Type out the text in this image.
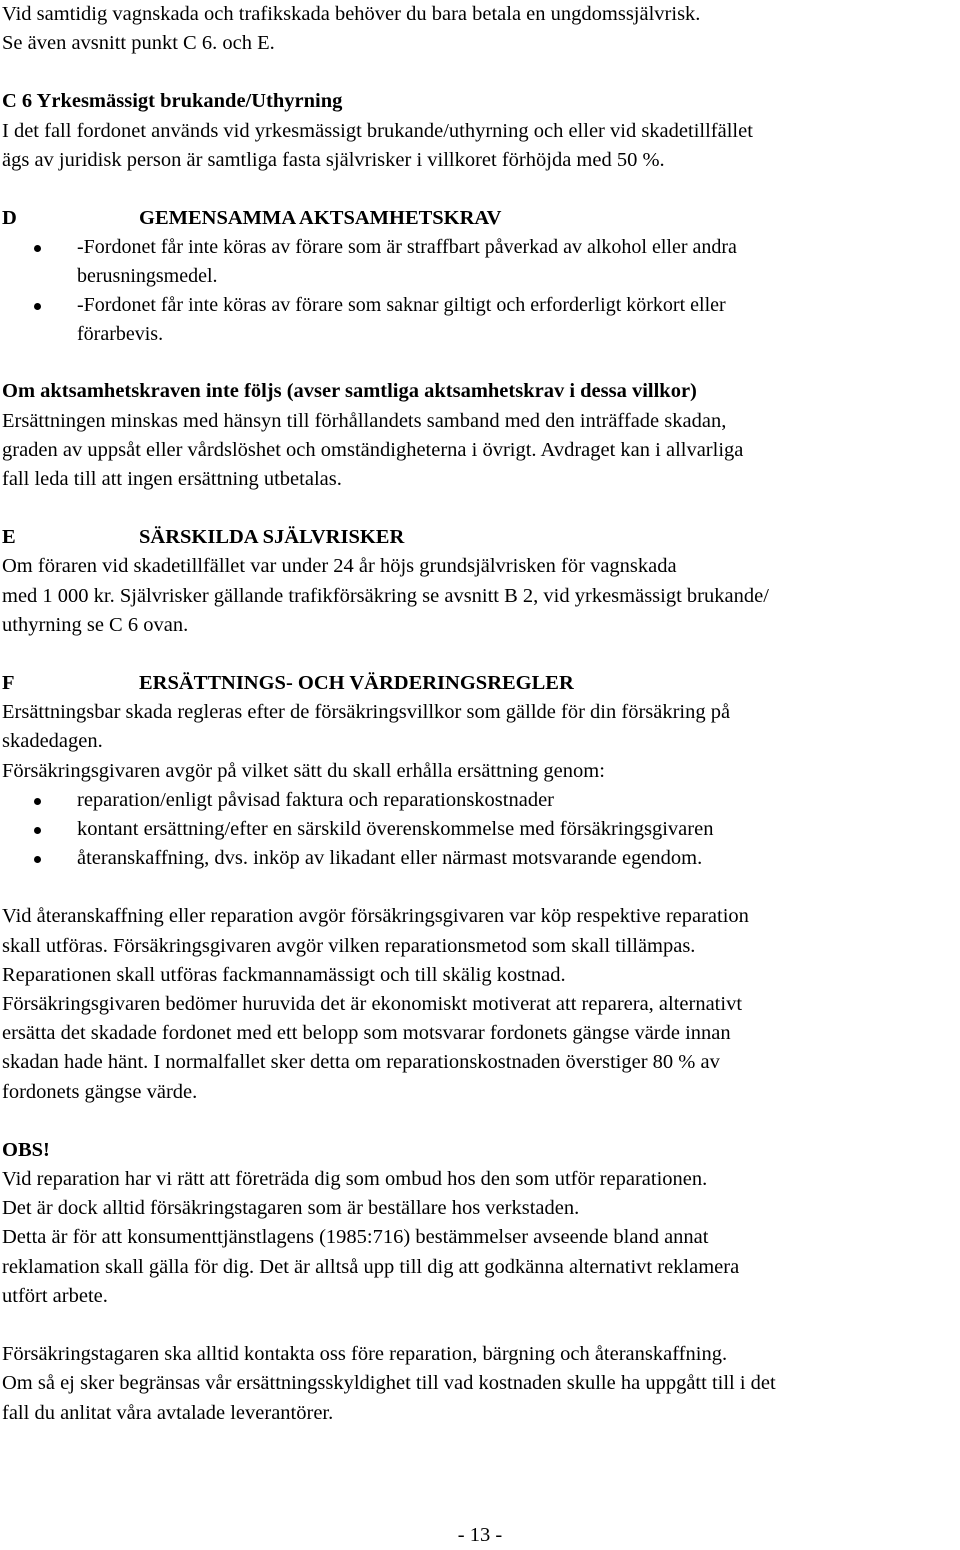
Vid samtidig vagnskada och trafikskada behöver du bara betala en ungdomssjälvrisk.
Se även avsnitt punkt C 6. och E.
C 6 Yrkesmässigt brukande/Uthyrning
I det fall fordonet används vid yrkesmässigt brukande/uthyrning och eller vid skadetillfället
ägs av juridisk person är samtliga fasta självrisker i villkoret förhöjda med 50 %.
D	GEMENSAMMA AKTSAMHETSKRAV
-Fordonet får inte köras av förare som är straffbart påverkad av alkohol eller andra
berusningsmedel.
-Fordonet får inte köras av förare som saknar giltigt och erforderligt körkort eller
förarbevis.
Om aktsamhetskraven inte följs (avser samtliga aktsamhetskrav i dessa villkor)
Ersättningen minskas med hänsyn till förhållandets samband med den inträffade skadan,
graden av uppsåt eller vårdslöshet och omständigheterna i övrigt. Avdraget kan i allvarliga
fall leda till att ingen ersättning utbetalas.
E	SÄRSKILDA SJÄLVRISKER
Om föraren vid skadetillfället var under 24 år höjs grundsjälvrisken för vagnskada
med 1 000 kr. Självrisker gällande trafikförsäkring se avsnitt B 2, vid yrkesmässigt brukande/
uthyrning se C 6 ovan.
F	ERSÄTTNINGS- OCH VÄRDERINGSREGLER
Ersättningsbar skada regleras efter de försäkringsvillkor som gällde för din försäkring på
skadedagen.
Försäkringsgivaren avgör på vilket sätt du skall erhålla ersättning genom:
reparation/enligt påvisad faktura och reparationskostnader
kontant ersättning/efter en särskild överenskommelse med försäkringsgivaren
återanskaffning, dvs. inköp av likadant eller närmast motsvarande egendom.
Vid återanskaffning eller reparation avgör försäkringsgivaren var köp respektive reparation
skall utföras. Försäkringsgivaren avgör vilken reparationsmetod som skall tillämpas.
Reparationen skall utföras fackmannamässigt och till skälig kostnad.
Försäkringsgivaren bedömer huruvida det är ekonomiskt motiverat att reparera, alternativt
ersätta det skadade fordonet med ett belopp som motsvarar fordonets gängse värde innan
skadan hade hänt. I normalfallet sker detta om reparationskostnaden överstiger 80 % av
fordonets gängse värde.
OBS!
Vid reparation har vi rätt att företräda dig som ombud hos den som utför reparationen.
Det är dock alltid försäkringstagaren som är beställare hos verkstaden.
Detta är för att konsumenttjänstlagens (1985:716) bestämmelser avseende bland annat
reklamation skall gälla för dig. Det är alltså upp till dig att godkänna alternativt reklamera
utfört arbete.
Försäkringstagaren ska alltid kontakta oss före reparation, bärgning och återanskaffning.
Om så ej sker begränsas vår ersättningsskyldighet till vad kostnaden skulle ha uppgått till i det
fall du anlitat våra avtalade leverantörer.
- 13 -
